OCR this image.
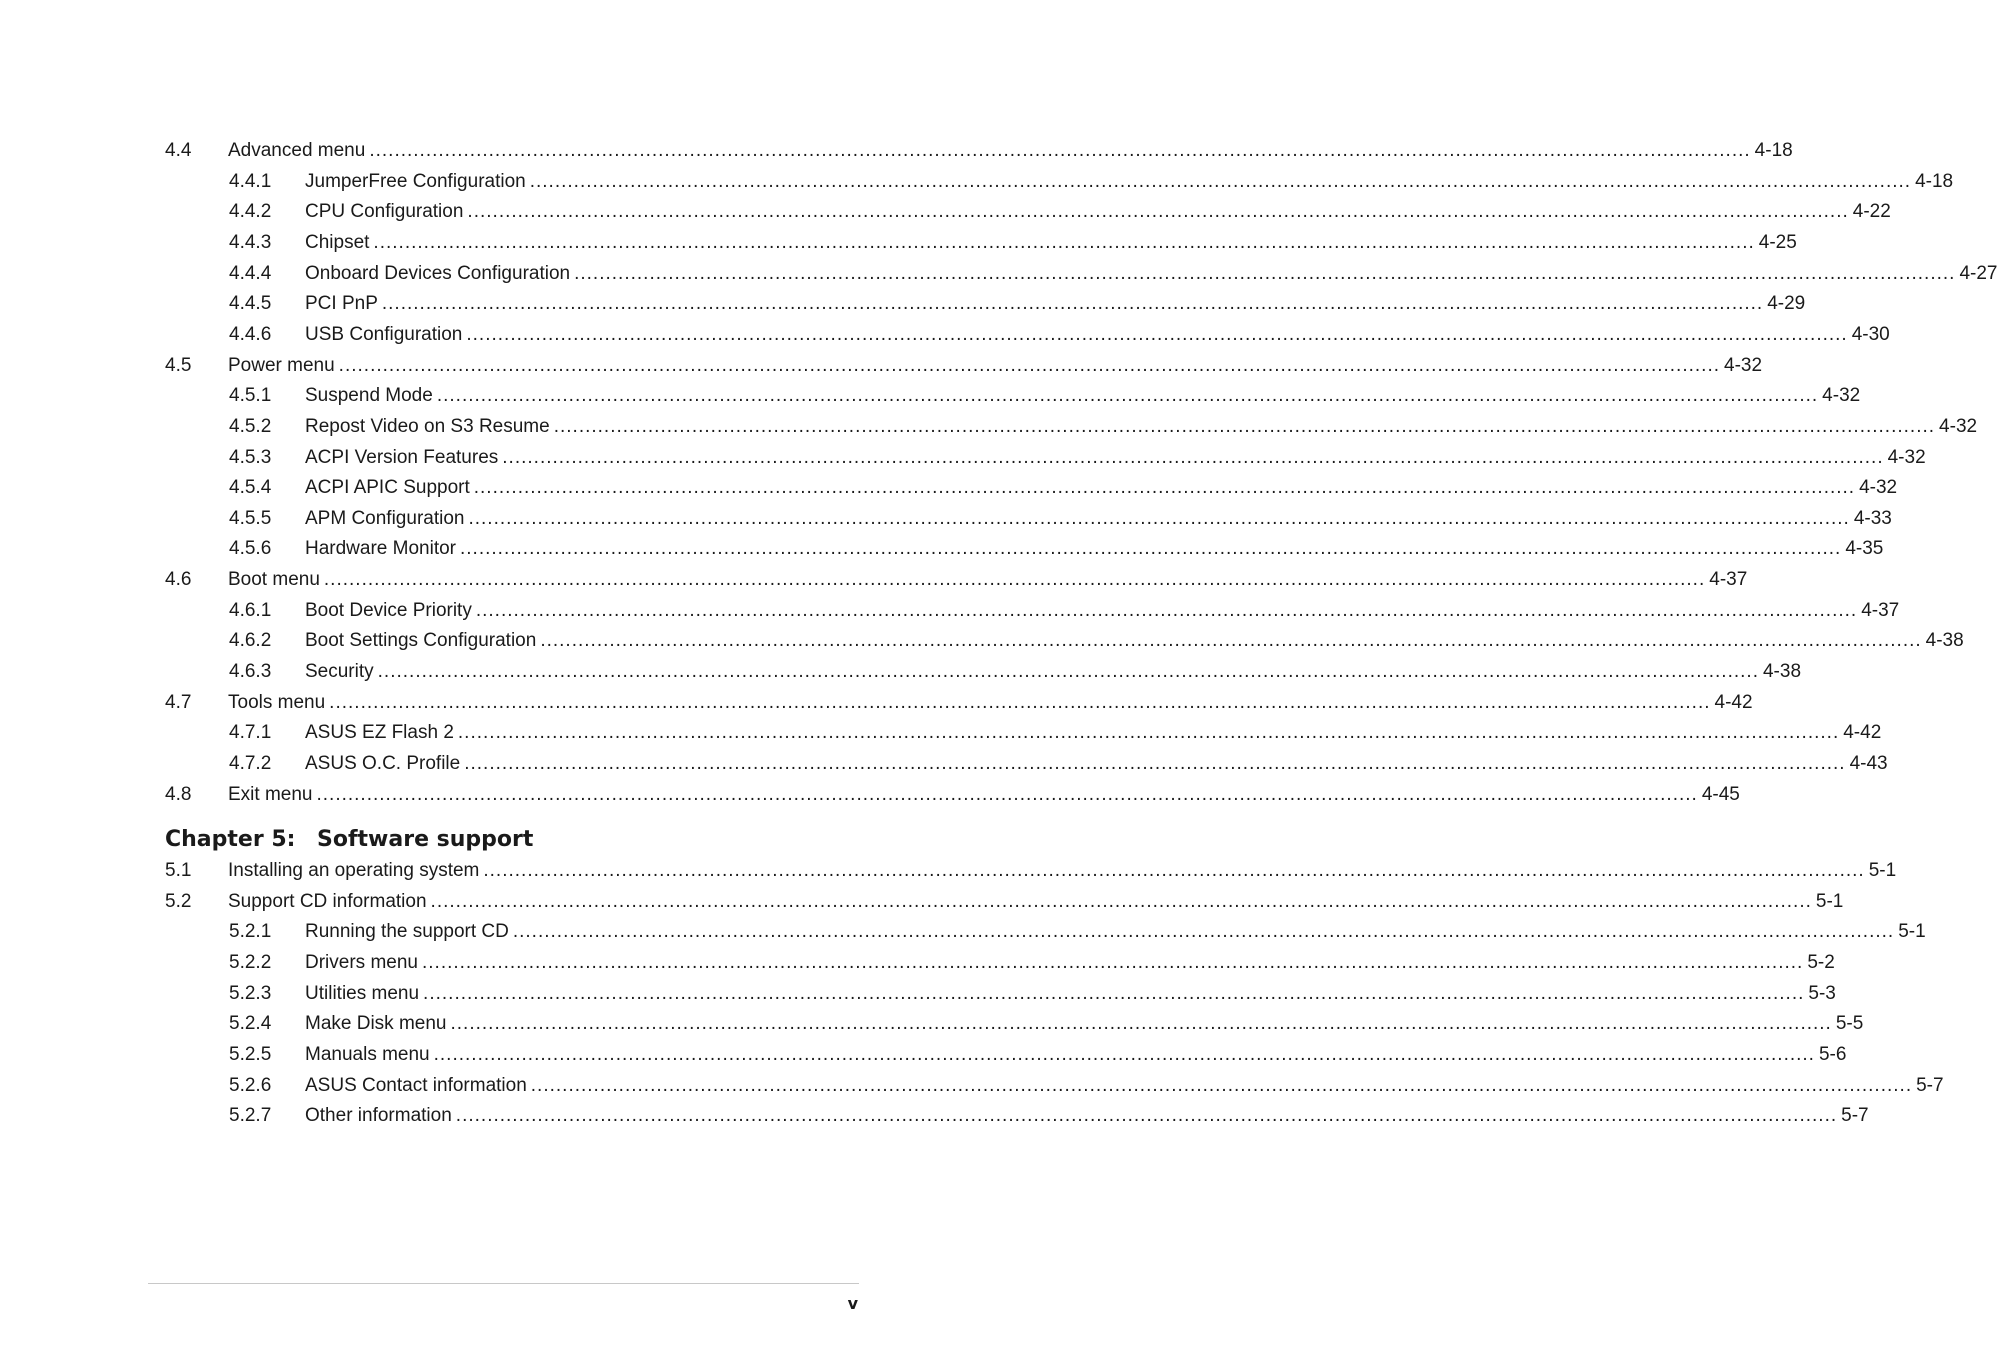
Chapter 5: Software support
v
4.4	Advanced menu ............................................................................................................................................................................................................................ 4-18
4.4.1	JumperFree Configuration ............................................................................................................................................................................................................................ 4-18
4.4.2	CPU Configuration ............................................................................................................................................................................................................................ 4-22
4.4.3	Chipset ............................................................................................................................................................................................................................ 4-25
4.4.4	Onboard Devices Configuration ............................................................................................................................................................................................................................ 4-27
4.4.5	PCI PnP ............................................................................................................................................................................................................................ 4-29
4.4.6	USB Configuration ............................................................................................................................................................................................................................ 4-30
4.5	Power menu ............................................................................................................................................................................................................................ 4-32
4.5.1	Suspend Mode ............................................................................................................................................................................................................................ 4-32
4.5.2	Repost Video on S3 Resume ............................................................................................................................................................................................................................ 4-32
4.5.3	ACPI Version Features ............................................................................................................................................................................................................................ 4-32
4.5.4	ACPI APIC Support ............................................................................................................................................................................................................................ 4-32
4.5.5	APM Configuration ............................................................................................................................................................................................................................ 4-33
4.5.6	Hardware Monitor ............................................................................................................................................................................................................................ 4-35
4.6	Boot menu ............................................................................................................................................................................................................................ 4-37
4.6.1	Boot Device Priority ............................................................................................................................................................................................................................ 4-37
4.6.2	Boot Settings Configuration ............................................................................................................................................................................................................................ 4-38
4.6.3	Security ............................................................................................................................................................................................................................ 4-38
4.7	Tools menu ............................................................................................................................................................................................................................ 4-42
4.7.1	ASUS EZ Flash 2 ............................................................................................................................................................................................................................ 4-42
4.7.2	ASUS O.C. Profile ............................................................................................................................................................................................................................ 4-43
4.8	Exit menu ............................................................................................................................................................................................................................ 4-45
5.1	Installing an operating system ............................................................................................................................................................................................................................ 5-1
5.2	Support CD information ............................................................................................................................................................................................................................ 5-1
5.2.1	Running the support CD ............................................................................................................................................................................................................................ 5-1
5.2.2	Drivers menu ............................................................................................................................................................................................................................ 5-2
5.2.3	Utilities menu ............................................................................................................................................................................................................................ 5-3
5.2.4	Make Disk menu ............................................................................................................................................................................................................................ 5-5
5.2.5	Manuals menu ............................................................................................................................................................................................................................ 5-6
5.2.6	ASUS Contact information ............................................................................................................................................................................................................................ 5-7
5.2.7	Other information ............................................................................................................................................................................................................................ 5-7
